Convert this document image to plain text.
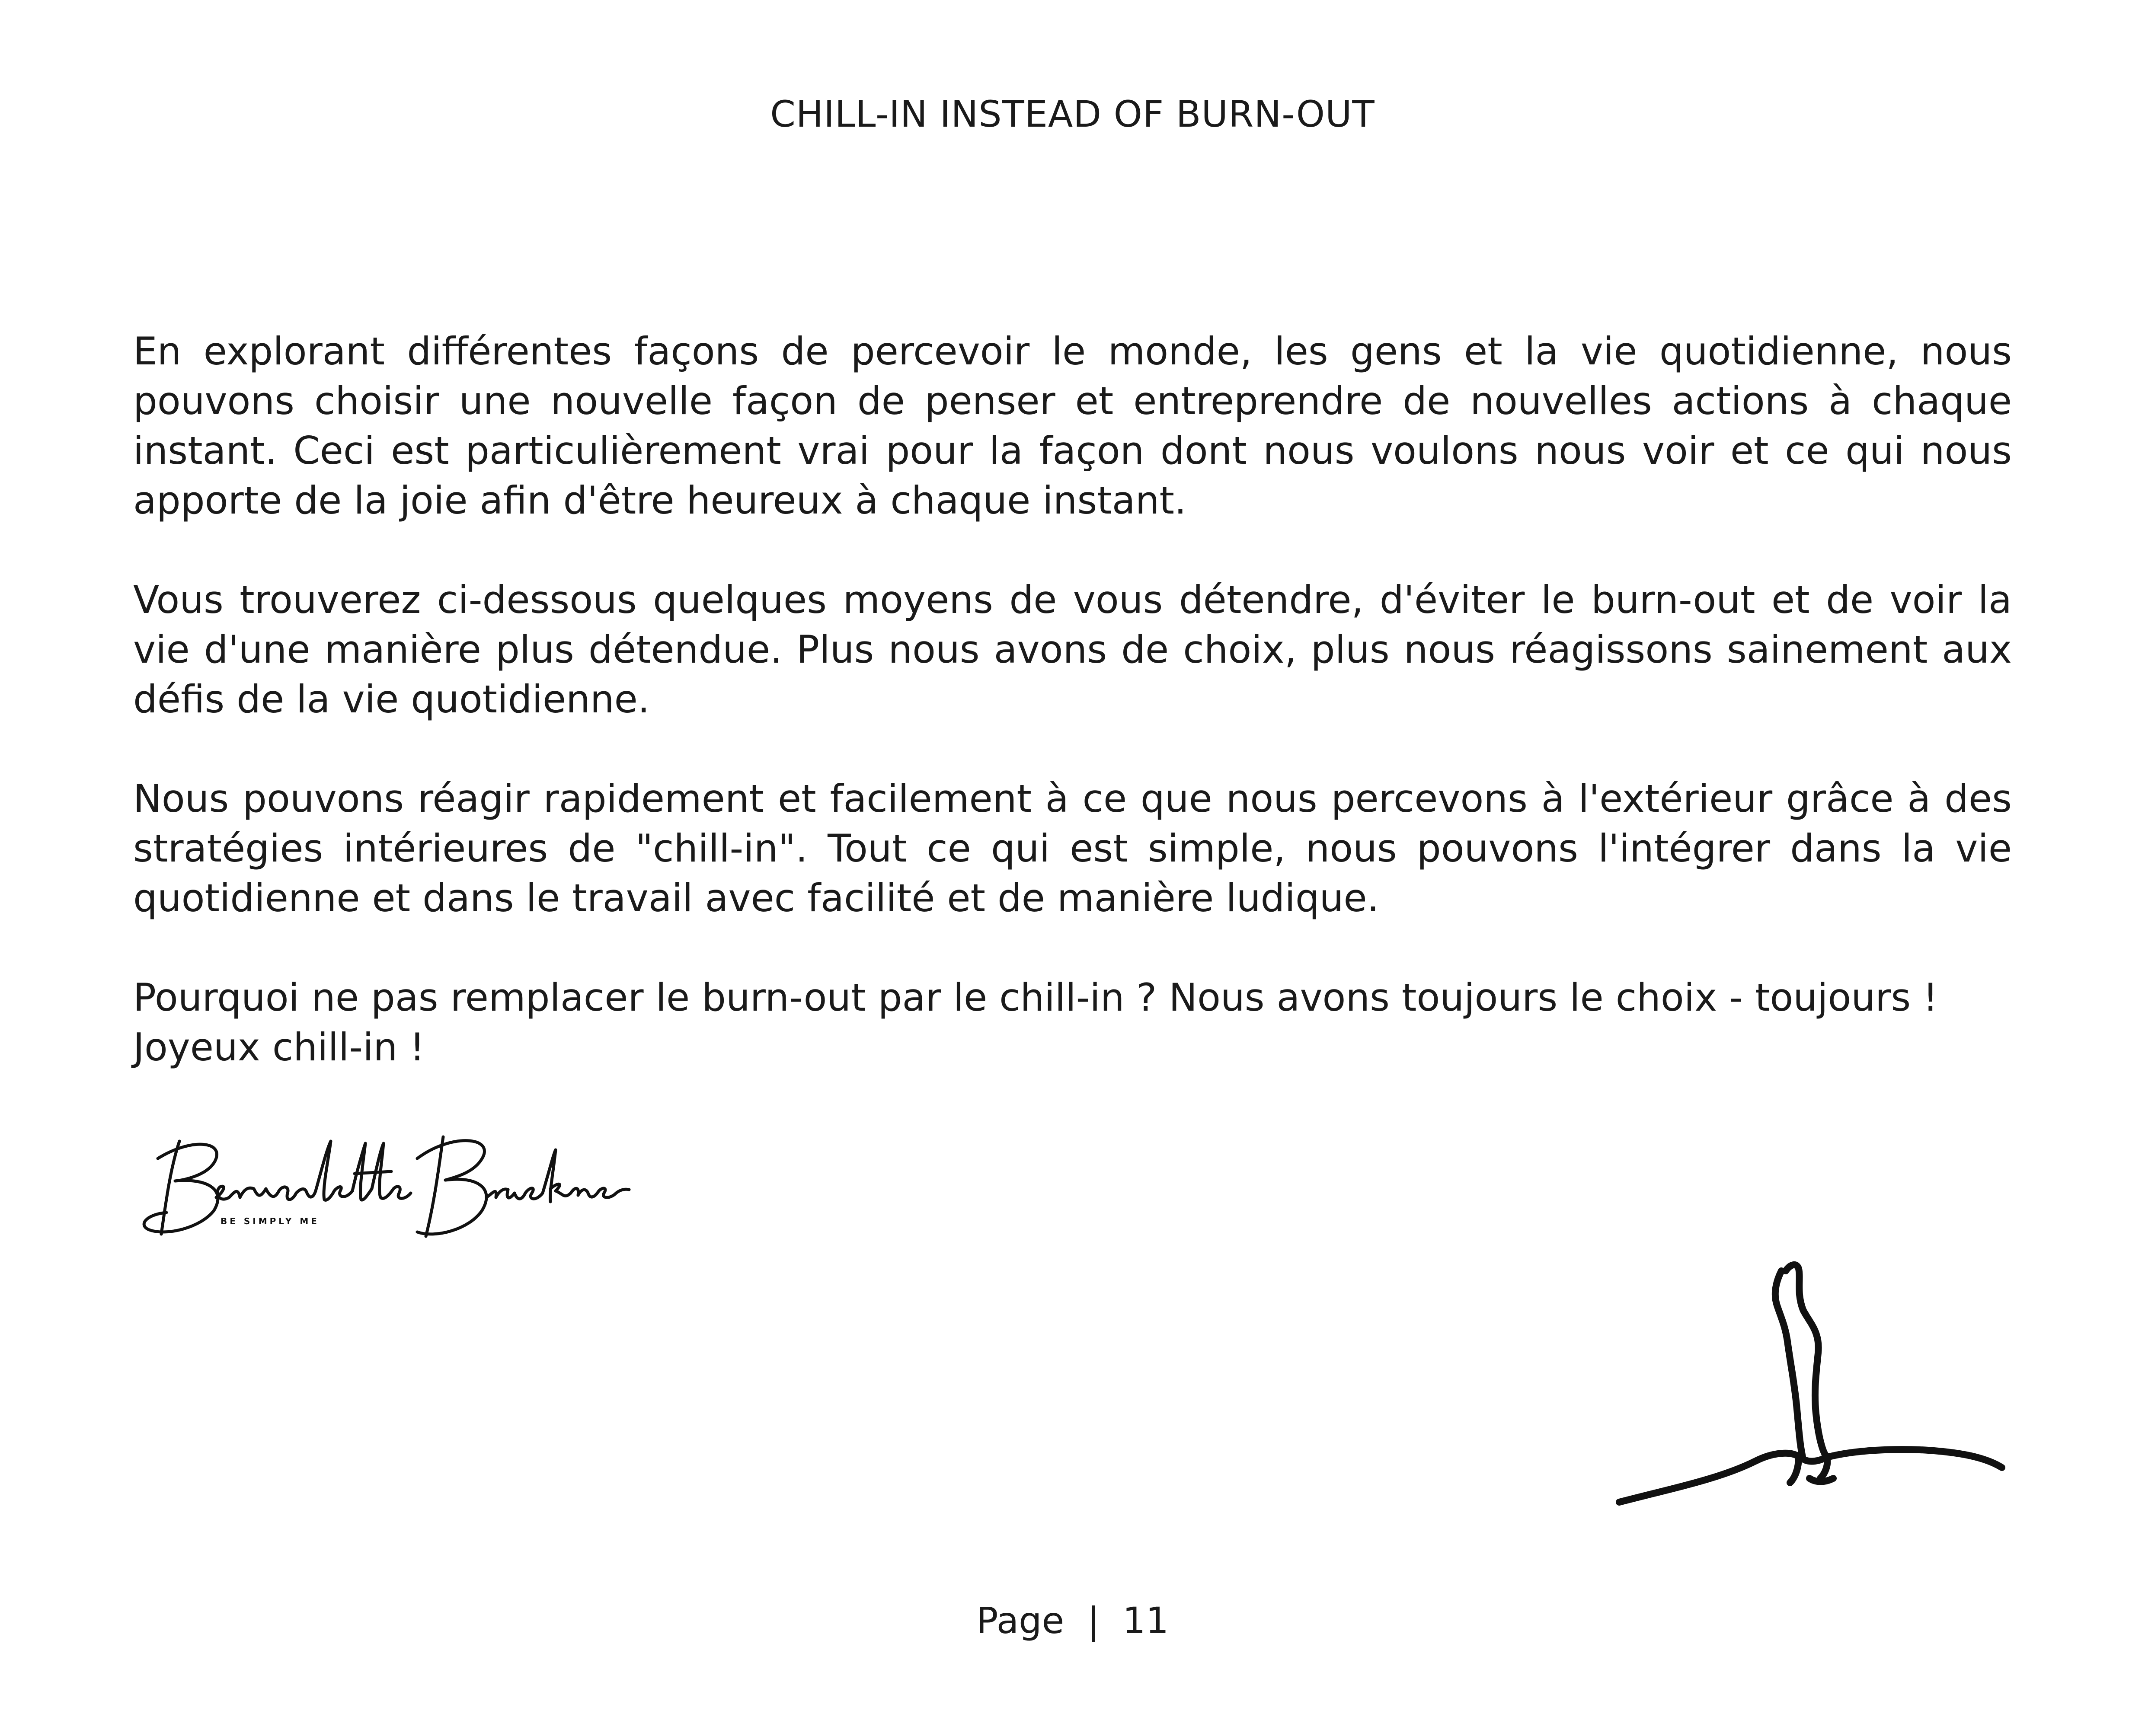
CHILL-IN INSTEAD OF BURN-OUT

En explorant différentes façons de percevoir le monde, les gens et la vie quotidienne, nous pouvons choisir une nouvelle façon de penser et entreprendre de nouvelles actions à chaque instant. Ceci est particulièrement vrai pour la façon dont nous voulons nous voir et ce qui nous apporte de la joie afin d'être heureux à chaque instant.

Vous trouverez ci-dessous quelques moyens de vous détendre, d'éviter le burn-out et de voir la vie d'une manière plus détendue. Plus nous avons de choix, plus nous réagissons sainement aux défis de la vie quotidienne.

Nous pouvons réagir rapidement et facilement à ce que nous percevons à l'extérieur grâce à des stratégies intérieures de "chill-in". Tout ce qui est simple, nous pouvons l'intégrer dans la vie quotidienne et dans le travail avec facilité et de manière ludique.

Pourquoi ne pas remplacer le burn-out par le chill-in ? Nous avons toujours le choix - toujours ! Joyeux chill-in !

BE SIMPLY ME
Page | 11
